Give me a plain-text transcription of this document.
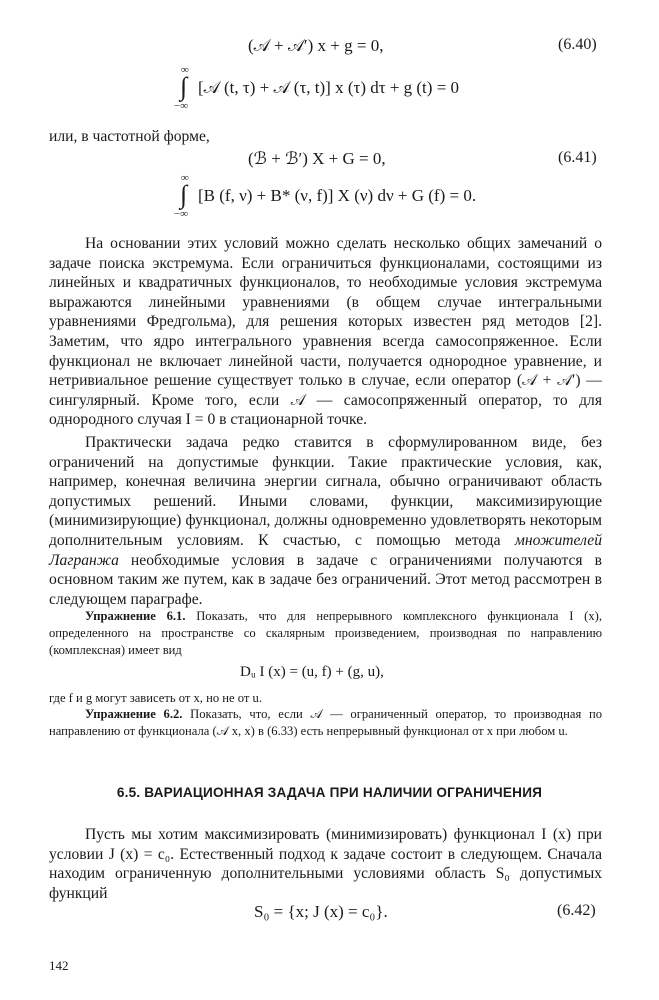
(𝒜 + 𝒜′) x + g = 0,	(6.40)
∞
∫
−∞
[𝒜 (t, τ) + 𝒜 (τ, t)] x (τ) dτ + g (t) = 0

или, в частотной форме,

(ℬ + ℬ′) X + G = 0,	(6.41)
∞
∫
−∞
[B (f, ν) + B* (ν, f)] X (ν) dν + G (f) = 0.

На основании этих условий можно сделать несколько общих замечаний о задаче поиска экстремума. Если ограничиться функционалами, состоящими из линейных и квадратичных функционалов, то необходимые условия экстремума выражаются линейными уравнениями (в общем случае интегральными уравнениями Фредгольма), для решения которых известен ряд методов [2]. Заметим, что ядро интегрального уравнения всегда самосопряженное. Если функционал не включает линейной части, получается однородное уравнение, и нетривиальное решение существует только в случае, если оператор (𝒜 + 𝒜′) — сингулярный. Кроме того, если 𝒜 — самосопряженный оператор, то для однородного случая I = 0 в стационарной точке.

Практически задача редко ставится в сформулированном виде, без ограничений на допустимые функции. Такие практические условия, как, например, конечная величина энергии сигнала, обычно ограничивают область допустимых решений. Иными словами, функции, максимизирующие (минимизирующие) функционал, должны одновременно удовлетворять некоторым дополнительным условиям. К счастью, с помощью метода множителей Лагранжа необходимые условия в задаче с ограничениями получаются в основном таким же путем, как в задаче без ограничений. Этот метод рассмотрен в следующем параграфе.

Упражнение 6.1. Показать, что для непрерывного комплексного функционала I (x), определенного на пространстве со скалярным произведением, производная по направлению (комплексная) имеет вид

Dᵤ I (x) = (u, f) + (g, u),

где f и g могут зависеть от x, но не от u.

Упражнение 6.2. Показать, что, если 𝒜 — ограниченный оператор, то производная по направлению от функционала (𝒜 x, x) в (6.33) есть непрерывный функционал от x при любом u.

6.5. ВАРИАЦИОННАЯ ЗАДАЧА ПРИ НАЛИЧИИ ОГРАНИЧЕНИЯ

Пусть мы хотим максимизировать (минимизировать) функционал I (x) при условии J (x) = c₀. Естественный подход к задаче состоит в следующем. Сначала находим ограниченную дополнительными условиями область S₀ допустимых функций

S₀ = {x; J (x) = c₀}.	(6.42)
142
